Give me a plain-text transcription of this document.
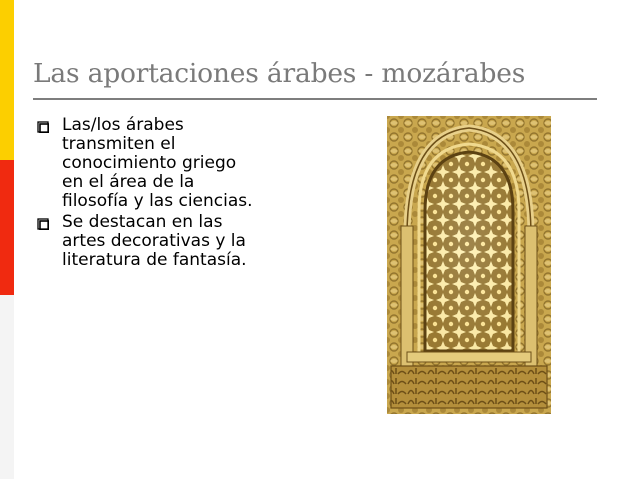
Las aportaciones árabes - mozárabes
Las/los árabes
transmiten el
conocimiento griego
en el área de la
filosofía y las ciencias.
Se destacan en las
artes decorativas y la
literatura de fantasía.
